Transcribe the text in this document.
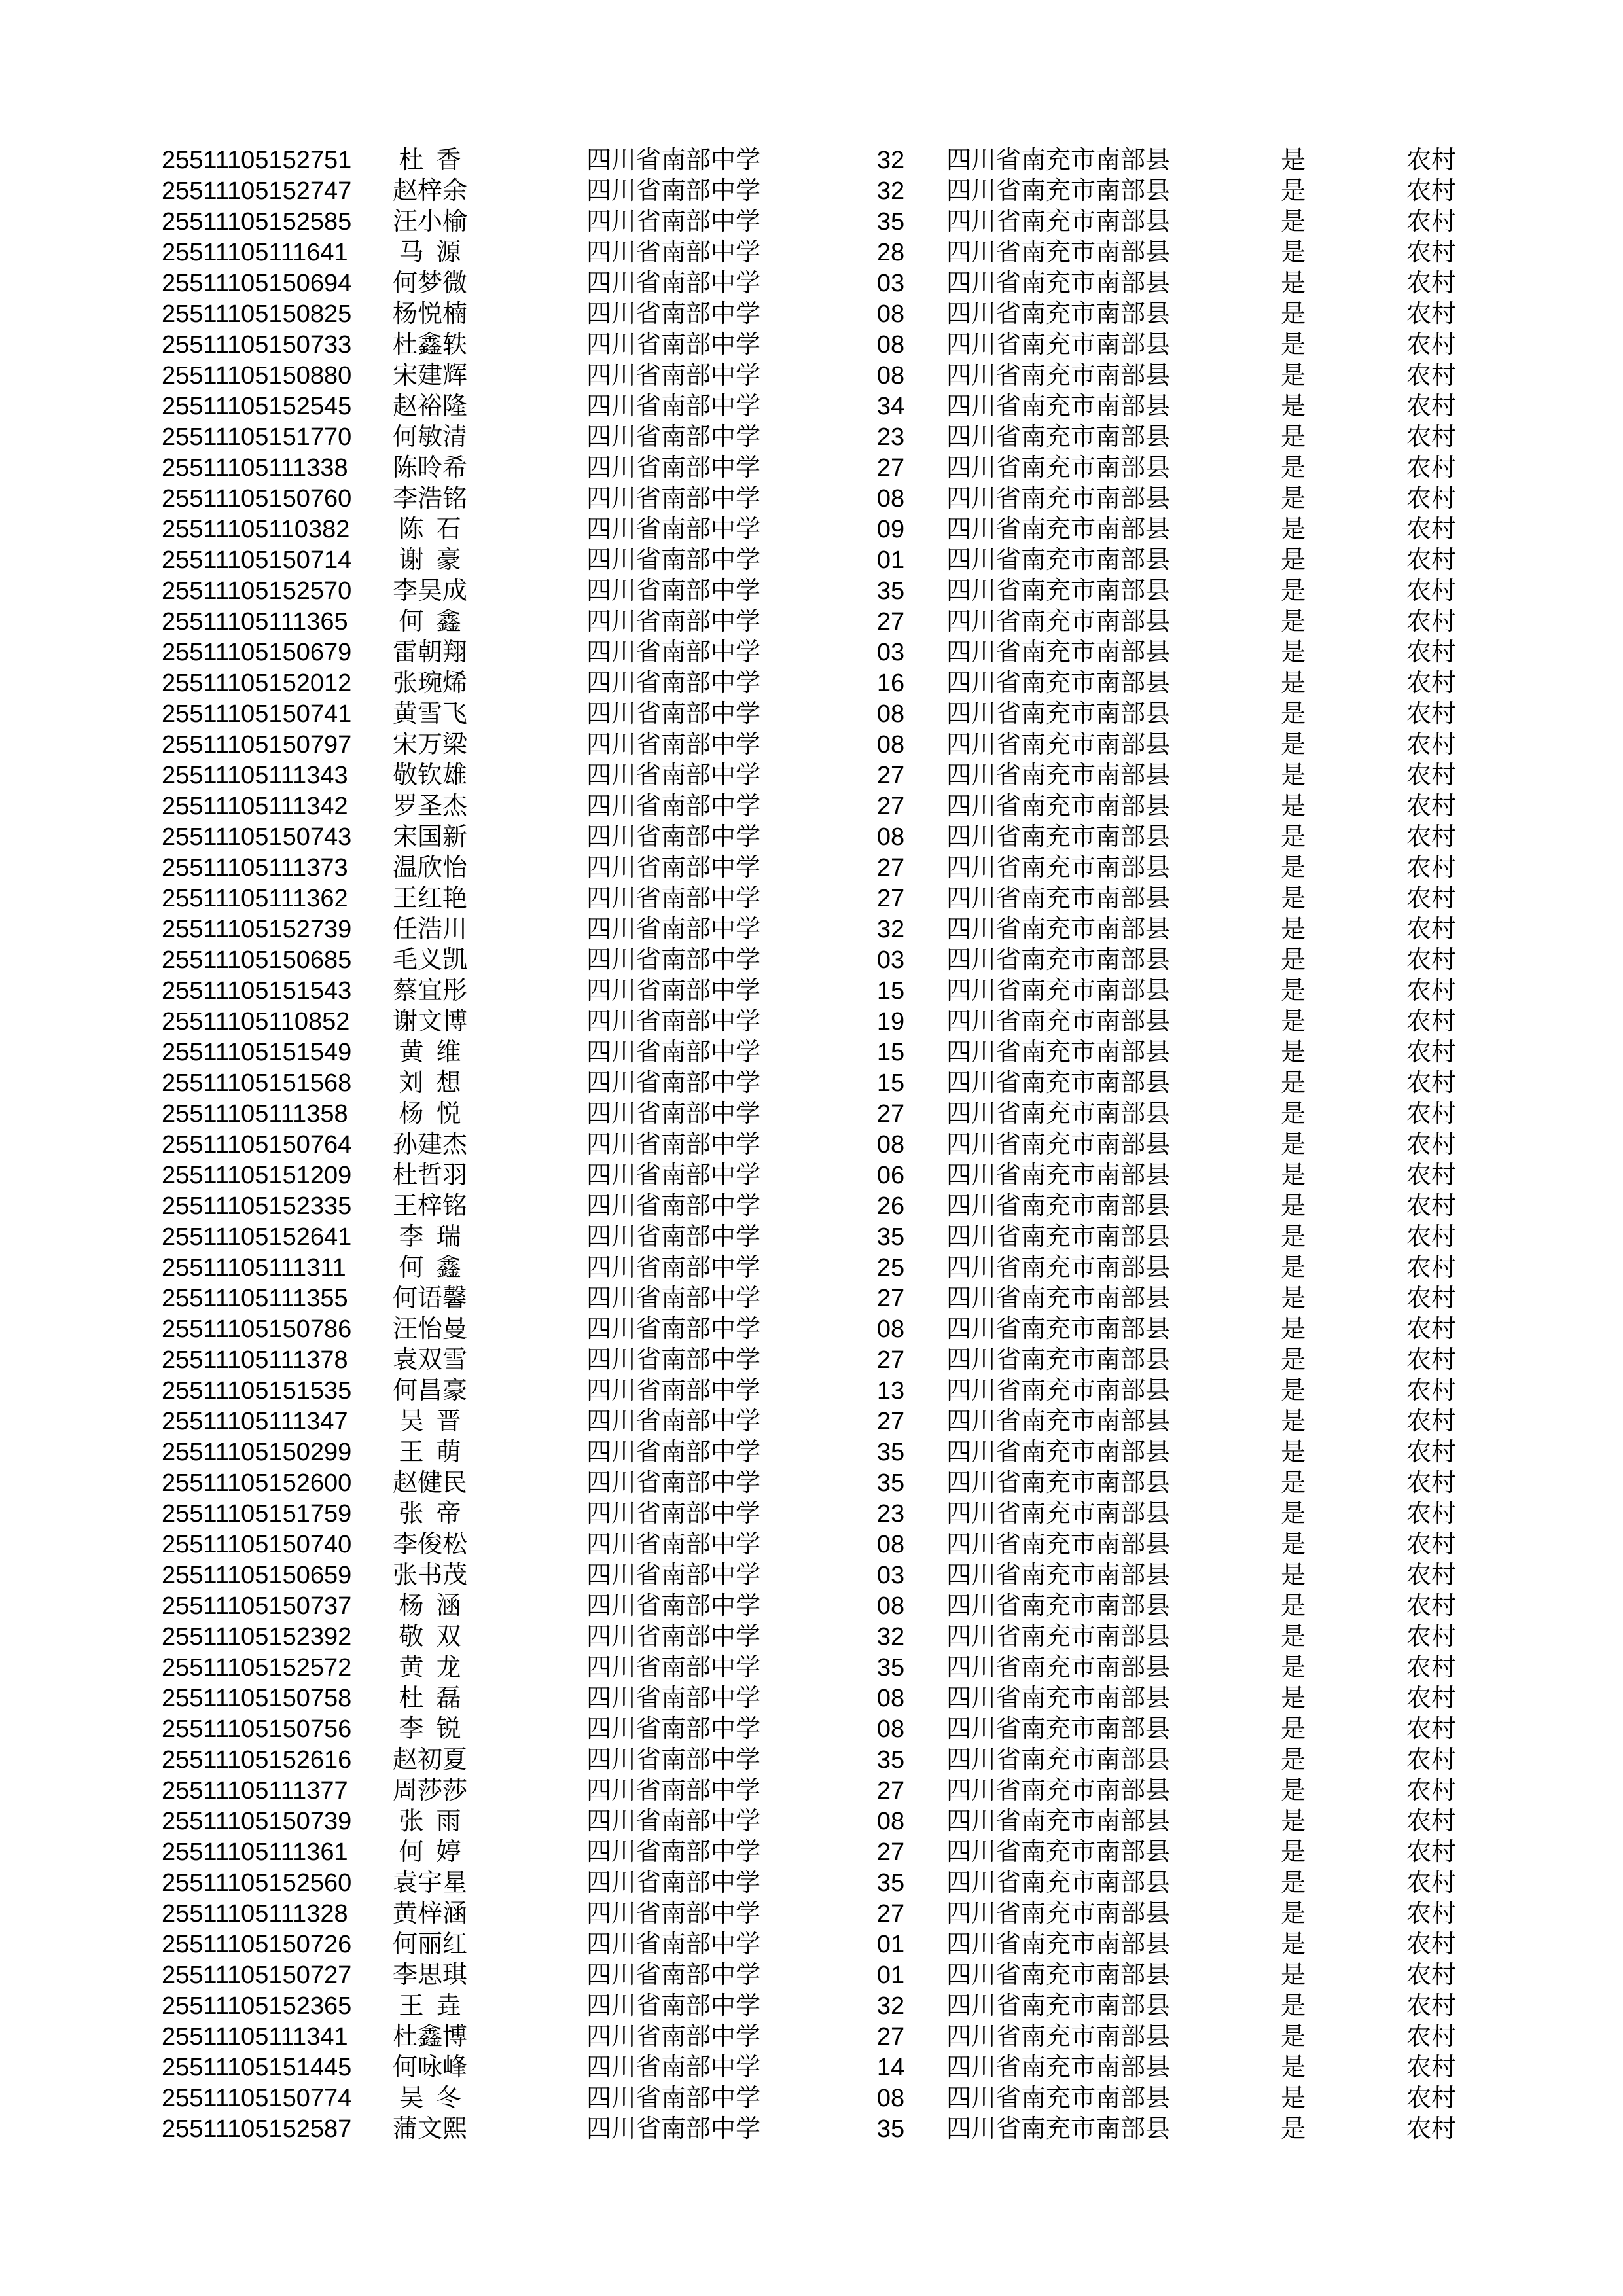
25511105152751	杜香	四川省南部中学	32 四川省南充市南部县	是	农村
25511105152747 赵梓余	四川省南部中学	32 四川省南充市南部县	是	农村
25511105152585 汪小榆	四川省南部中学	35 四川省南充市南部县	是	农村
25511105111641	马源	四川省南部中学	28 四川省南充市南部县	是	农村
25511105150694 何梦微	四川省南部中学	03 四川省南充市南部县	是	农村
25511105150825 杨悦楠	四川省南部中学	08 四川省南充市南部县	是	农村
25511105150733 杜鑫轶	四川省南部中学	08 四川省南充市南部县	是	农村
25511105150880 宋建辉	四川省南部中学	08 四川省南充市南部县	是	农村
25511105152545 赵裕隆	四川省南部中学	34 四川省南充市南部县	是	农村
25511105151770 何敏清	四川省南部中学	23 四川省南充市南部县	是	农村
25511105111338 陈昤希	四川省南部中学	27 四川省南充市南部县	是	农村
25511105150760 李浩铭	四川省南部中学	08 四川省南充市南部县	是	农村
25511105110382	陈石	四川省南部中学	09 四川省南充市南部县	是	农村
25511105150714	谢豪	四川省南部中学	01 四川省南充市南部县	是	农村
25511105152570 李昊成	四川省南部中学	35 四川省南充市南部县	是	农村
25511105111365	何鑫	四川省南部中学	27 四川省南充市南部县	是	农村
25511105150679 雷朝翔	四川省南部中学	03 四川省南充市南部县	是	农村
25511105152012 张琬烯	四川省南部中学	16 四川省南充市南部县	是	农村
25511105150741 黄雪飞	四川省南部中学	08 四川省南充市南部县	是	农村
25511105150797 宋万梁	四川省南部中学	08 四川省南充市南部县	是	农村
25511105111343 敬钦雄	四川省南部中学	27 四川省南充市南部县	是	农村
25511105111342 罗圣杰	四川省南部中学	27 四川省南充市南部县	是	农村
25511105150743 宋国新	四川省南部中学	08 四川省南充市南部县	是	农村
25511105111373 温欣怡	四川省南部中学	27 四川省南充市南部县	是	农村
25511105111362 王红艳	四川省南部中学	27 四川省南充市南部县	是	农村
25511105152739 任浩川	四川省南部中学	32 四川省南充市南部县	是	农村
25511105150685 毛义凯	四川省南部中学	03 四川省南充市南部县	是	农村
25511105151543 蔡宜彤	四川省南部中学	15 四川省南充市南部县	是	农村
25511105110852 谢文博	四川省南部中学	19 四川省南充市南部县	是	农村
25511105151549	黄维	四川省南部中学	15 四川省南充市南部县	是	农村
25511105151568	刘想	四川省南部中学	15 四川省南充市南部县	是	农村
25511105111358	杨悦	四川省南部中学	27 四川省南充市南部县	是	农村
25511105150764 孙建杰	四川省南部中学	08 四川省南充市南部县	是	农村
25511105151209 杜哲羽	四川省南部中学	06 四川省南充市南部县	是	农村
25511105152335 王梓铭	四川省南部中学	26 四川省南充市南部县	是	农村
25511105152641	李瑞	四川省南部中学	35 四川省南充市南部县	是	农村
25511105111311	何鑫	四川省南部中学	25 四川省南充市南部县	是	农村
25511105111355 何语馨	四川省南部中学	27 四川省南充市南部县	是	农村
25511105150786 汪怡曼	四川省南部中学	08 四川省南充市南部县	是	农村
25511105111378 袁双雪	四川省南部中学	27 四川省南充市南部县	是	农村
25511105151535 何昌豪	四川省南部中学	13 四川省南充市南部县	是	农村
25511105111347	吴晋	四川省南部中学	27 四川省南充市南部县	是	农村
25511105150299	王萌	四川省南部中学	35 四川省南充市南部县	是	农村
25511105152600 赵健民	四川省南部中学	35 四川省南充市南部县	是	农村
25511105151759	张帝	四川省南部中学	23 四川省南充市南部县	是	农村
25511105150740 李俊松	四川省南部中学	08 四川省南充市南部县	是	农村
25511105150659 张书茂	四川省南部中学	03 四川省南充市南部县	是	农村
25511105150737	杨涵	四川省南部中学	08 四川省南充市南部县	是	农村
25511105152392	敬双	四川省南部中学	32 四川省南充市南部县	是	农村
25511105152572	黄龙	四川省南部中学	35 四川省南充市南部县	是	农村
25511105150758	杜磊	四川省南部中学	08 四川省南充市南部县	是	农村
25511105150756	李锐	四川省南部中学	08 四川省南充市南部县	是	农村
25511105152616 赵初夏	四川省南部中学	35 四川省南充市南部县	是	农村
25511105111377 周莎莎	四川省南部中学	27 四川省南充市南部县	是	农村
25511105150739	张雨	四川省南部中学	08 四川省南充市南部县	是	农村
25511105111361	何婷	四川省南部中学	27 四川省南充市南部县	是	农村
25511105152560 袁宇星	四川省南部中学	35 四川省南充市南部县	是	农村
25511105111328 黄梓涵	四川省南部中学	27 四川省南充市南部县	是	农村
25511105150726 何丽红	四川省南部中学	01 四川省南充市南部县	是	农村
25511105150727 李思琪	四川省南部中学	01 四川省南充市南部县	是	农村
25511105152365	王垚	四川省南部中学	32 四川省南充市南部县	是	农村
25511105111341 杜鑫博	四川省南部中学	27 四川省南充市南部县	是	农村
25511105151445 何咏峰	四川省南部中学	14 四川省南充市南部县	是	农村
25511105150774	吴冬	四川省南部中学	08 四川省南充市南部县	是	农村
25511105152587 蒲文熙	四川省南部中学	35 四川省南充市南部县	是	农村
